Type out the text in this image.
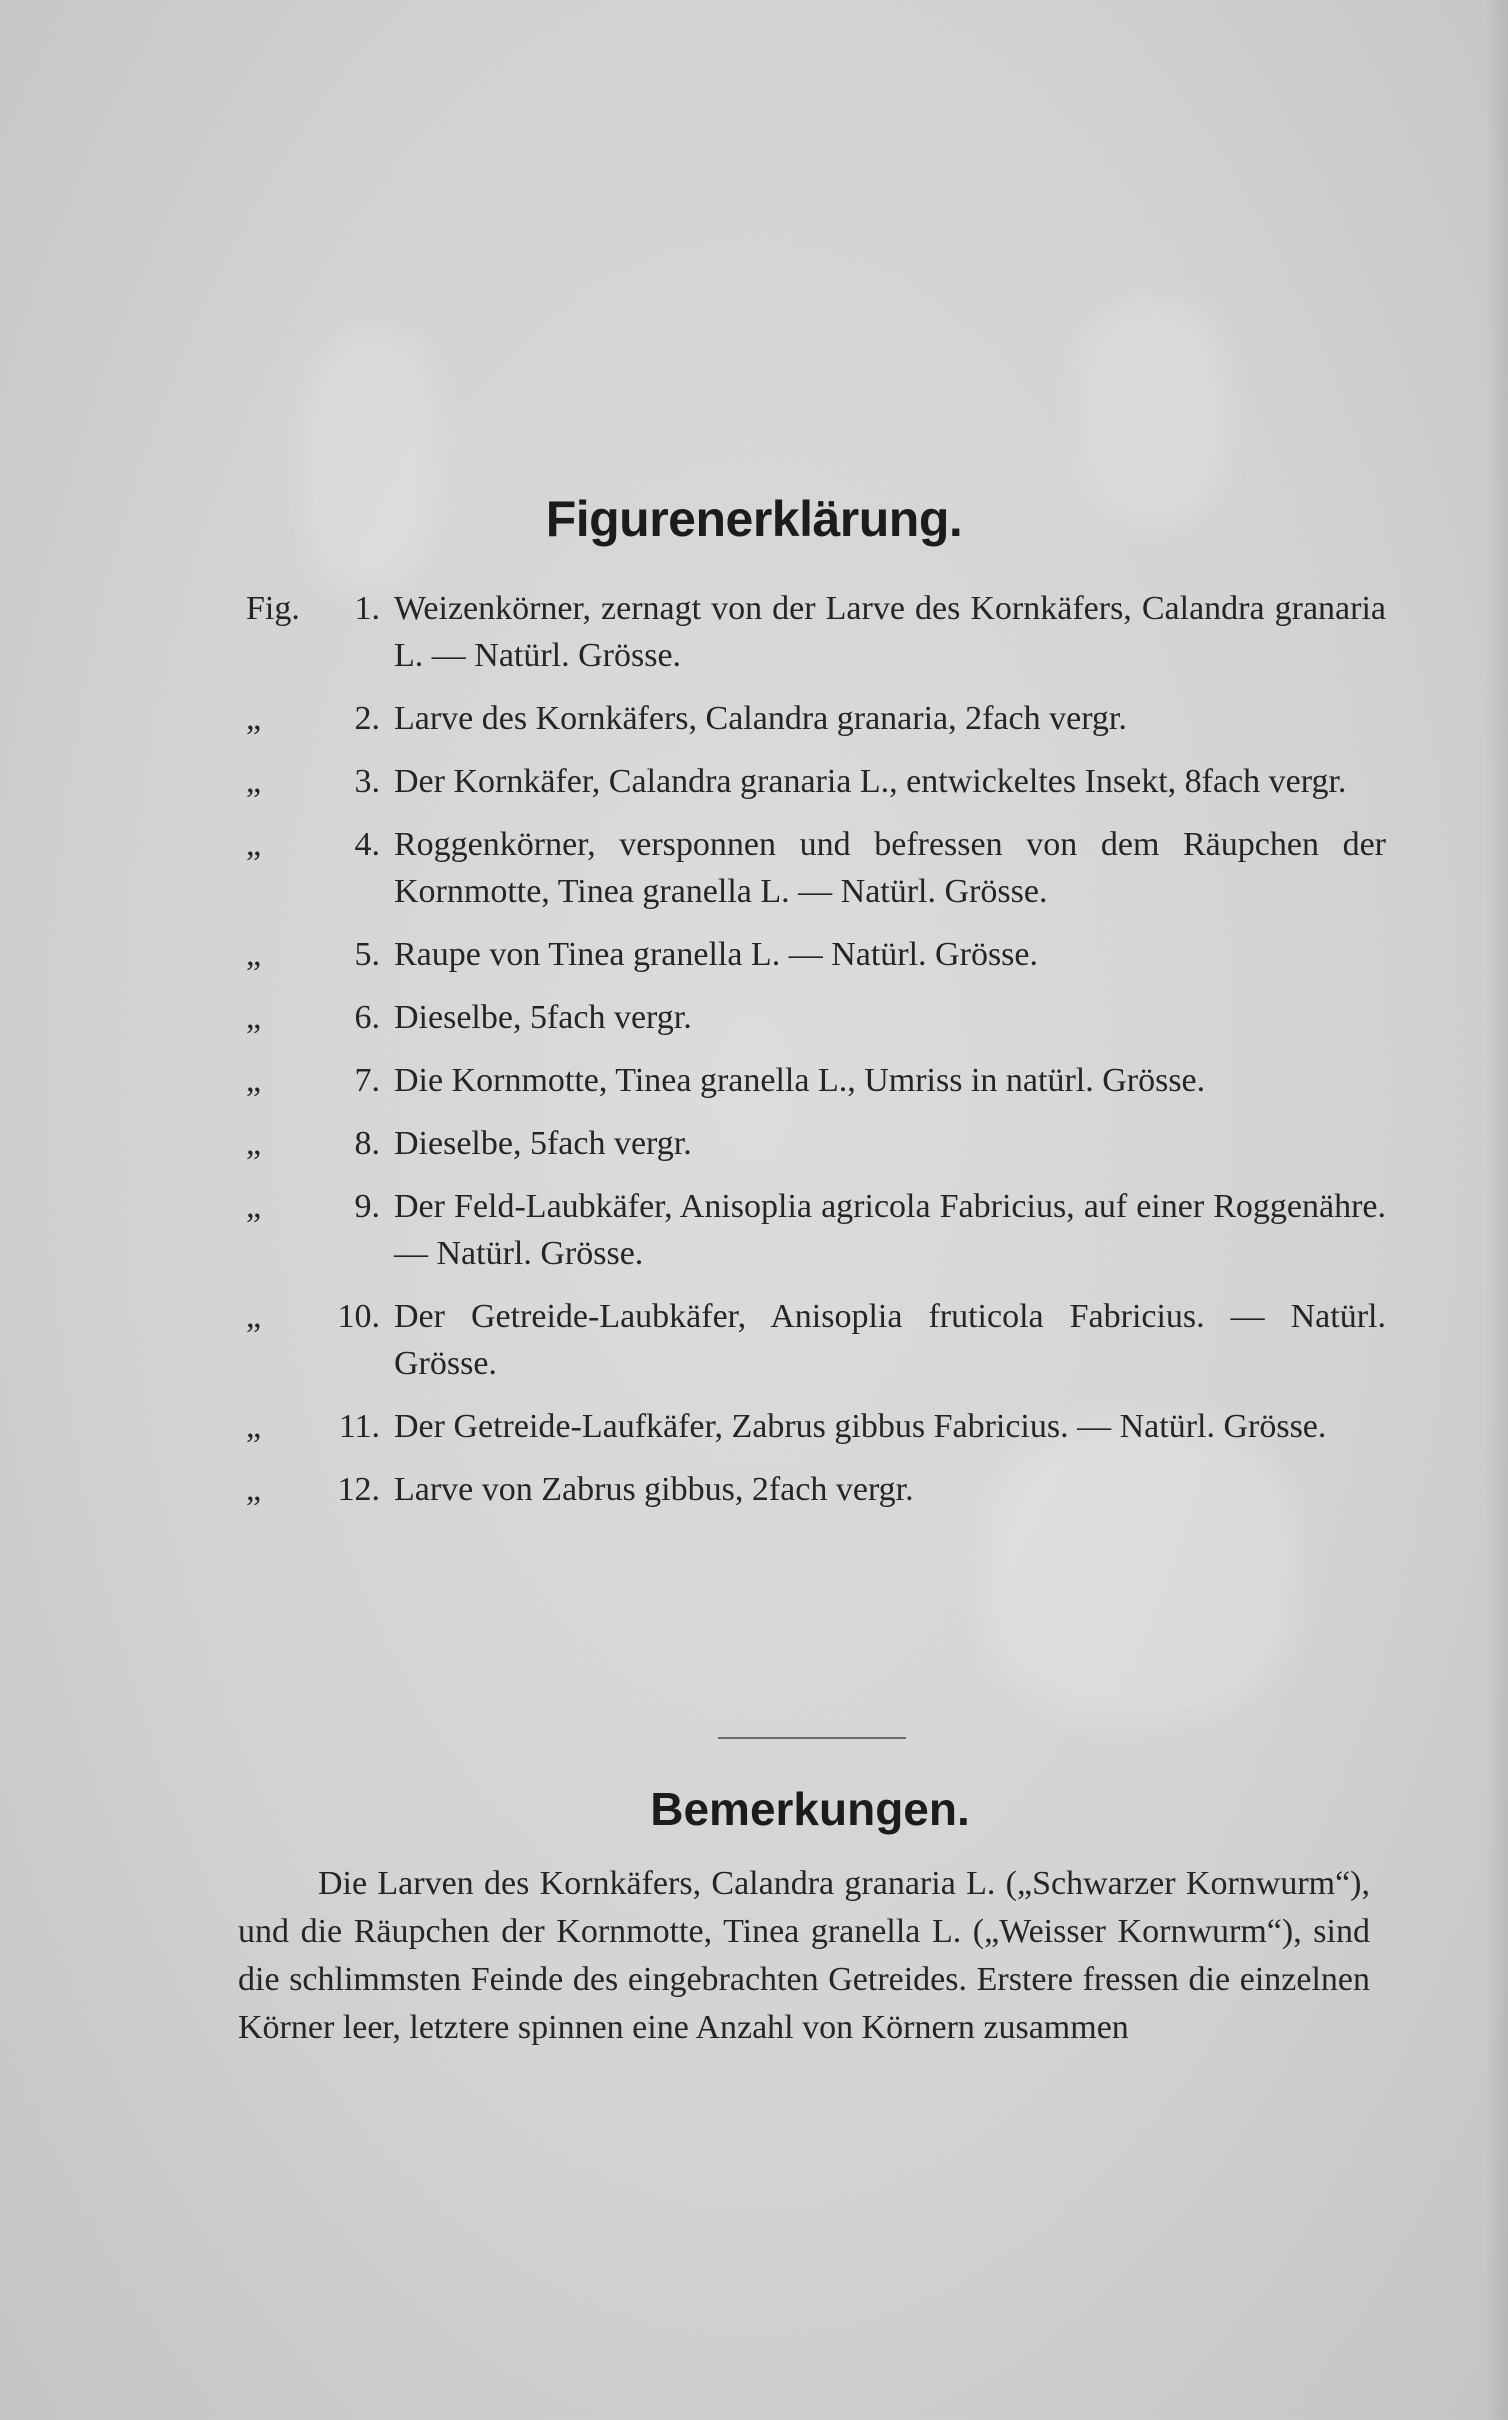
Figurenerklärung.
Fig.	1. Weizenkörner, zernagt von der Larve des Kornkäfers, Calandra granaria L. — Natürl. Grösse.
„	2. Larve des Kornkäfers, Calandra granaria, 2fach vergr.
„	3. Der Kornkäfer, Calandra granaria L., entwickeltes Insekt, 8fach vergr.
„	4. Roggenkörner, versponnen und befressen von dem Räupchen der Kornmotte, Tinea granella L. — Natürl. Grösse.
„	5. Raupe von Tinea granella L. — Natürl. Grösse.
„	6. Dieselbe, 5fach vergr.
„	7. Die Kornmotte, Tinea granella L., Umriss in natürl. Grösse.
„	8. Dieselbe, 5fach vergr.
„	9. Der Feld-Laubkäfer, Anisoplia agricola Fabricius, auf einer Roggenähre. — Natürl. Grösse.
„	10. Der Getreide-Laubkäfer, Anisoplia fruticola Fabricius. — Natürl. Grösse.
„	11. Der Getreide-Laufkäfer, Zabrus gibbus Fabricius. — Natürl. Grösse.
„	12. Larve von Zabrus gibbus, 2fach vergr.
Bemerkungen.

Die Larven des Kornkäfers, Calandra granaria L. („Schwarzer Kornwurm“), und die Räupchen der Kornmotte, Tinea granella L. („Weisser Kornwurm“), sind die schlimmsten Feinde des eingebrachten Getreides. Erstere fressen die einzelnen Körner leer, letztere spinnen eine Anzahl von Körnern zusammen
